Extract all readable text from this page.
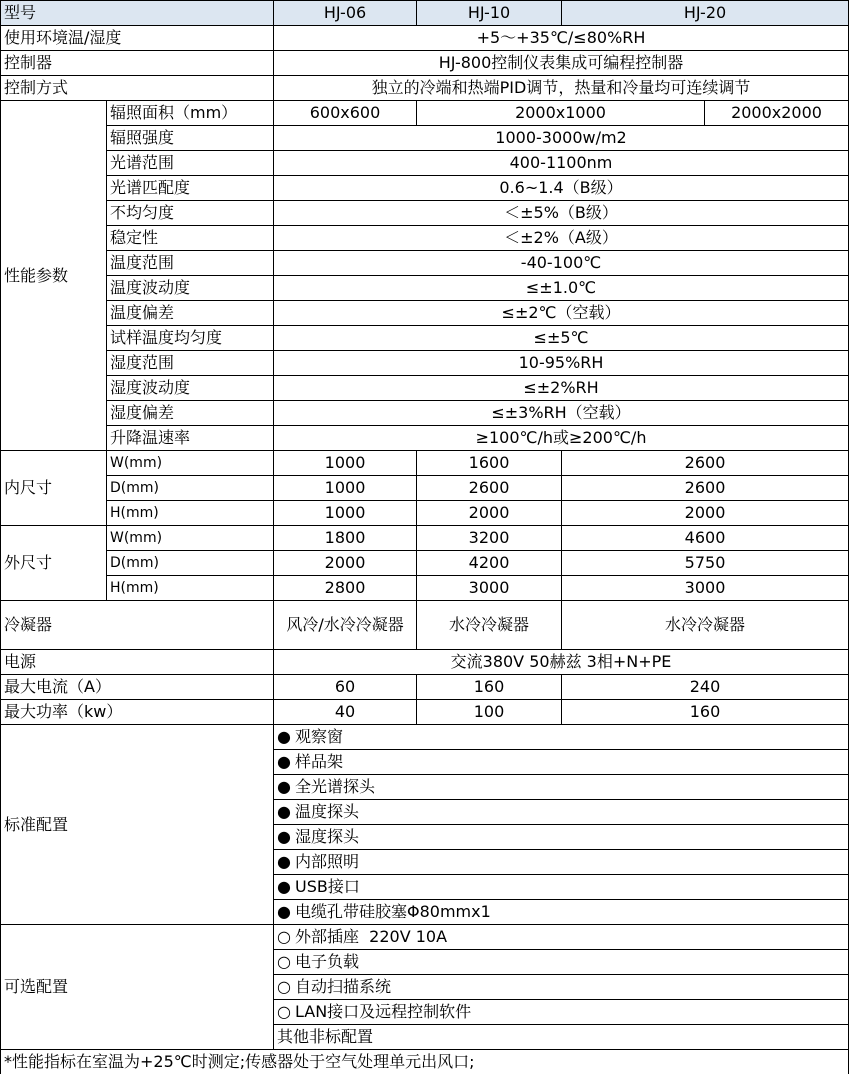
型号		HJ-06	HJ-10	HJ-20	
使用环境温/湿度		+5～+35℃/≤80%RH			
控制器		HJ-800控制仪表集成可编程控制器			
控制方式		独立的冷端和热端PID调节，热量和冷量均可连续调节			
性能参数	辐照面积（mm）	600x600	2000x1000		2000x2000
	辐照强度	1000-3000w/m2			
	光谱范围	400-1100nm			
	光谱匹配度	0.6~1.4（B级）			
	不均匀度	＜±5%（B级）			
	稳定性	＜±2%（A级）			
	温度范围	-40-100℃			
	温度波动度	≤±1.0℃			
	温度偏差	≤±2℃（空载）			
	试样温度均匀度	≤±5℃			
	湿度范围	10-95%RH			
	湿度波动度	≤±2%RH			
	湿度偏差	≤±3%RH（空载）			
	升降温速率	≥100℃/h或≥200℃/h			
内尺寸	W(mm)	1000	1600	2600	
	D(mm)	1000	2600	2600	
	H(mm)	1000	2000	2000	
外尺寸	W(mm)	1800	3200	4600	
	D(mm)	2000	4200	5750	
	H(mm)	2800	3000	3000	
冷凝器		风冷/水冷冷凝器	水冷冷凝器	水冷冷凝器	
电源		交流380V 50赫兹 3相+N+PE			
最大电流（A）		60	160	240	
最大功率（kw）		40	100	160	
标准配置		● 观察窗			
		● 样品架			
		● 全光谱探头			
		● 温度探头			
		● 湿度探头			
		● 内部照明			
		● USB接口			
		● 电缆孔带硅胶塞Φ80mmx1			
可选配置		○ 外部插座  220V 10A			
		○ 电子负载			
		○ 自动扫描系统			
		○ LAN接口及远程控制软件			
		其他非标配置			
*性能指标在室温为+25℃时测定;传感器处于空气处理单元出风口;					
